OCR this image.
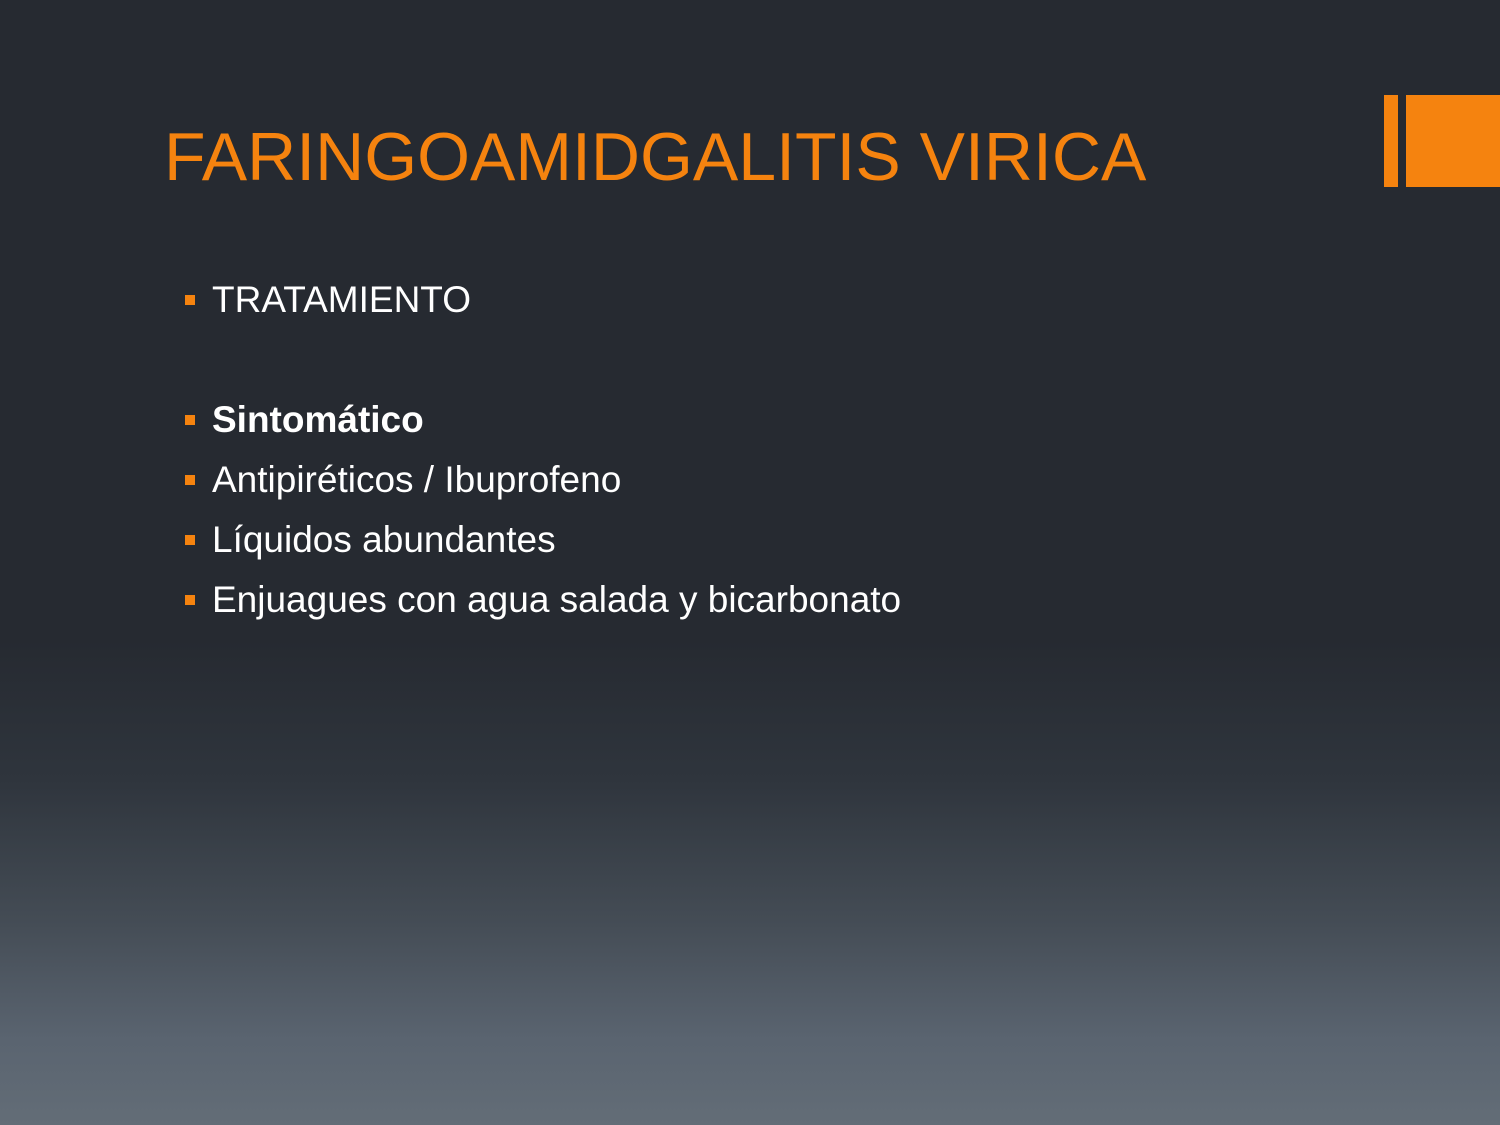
FARINGOAMIDGALITIS VIRICA
TRATAMIENTO
Sintomático
Antipiréticos / Ibuprofeno
Líquidos abundantes
Enjuagues con agua salada y bicarbonato
